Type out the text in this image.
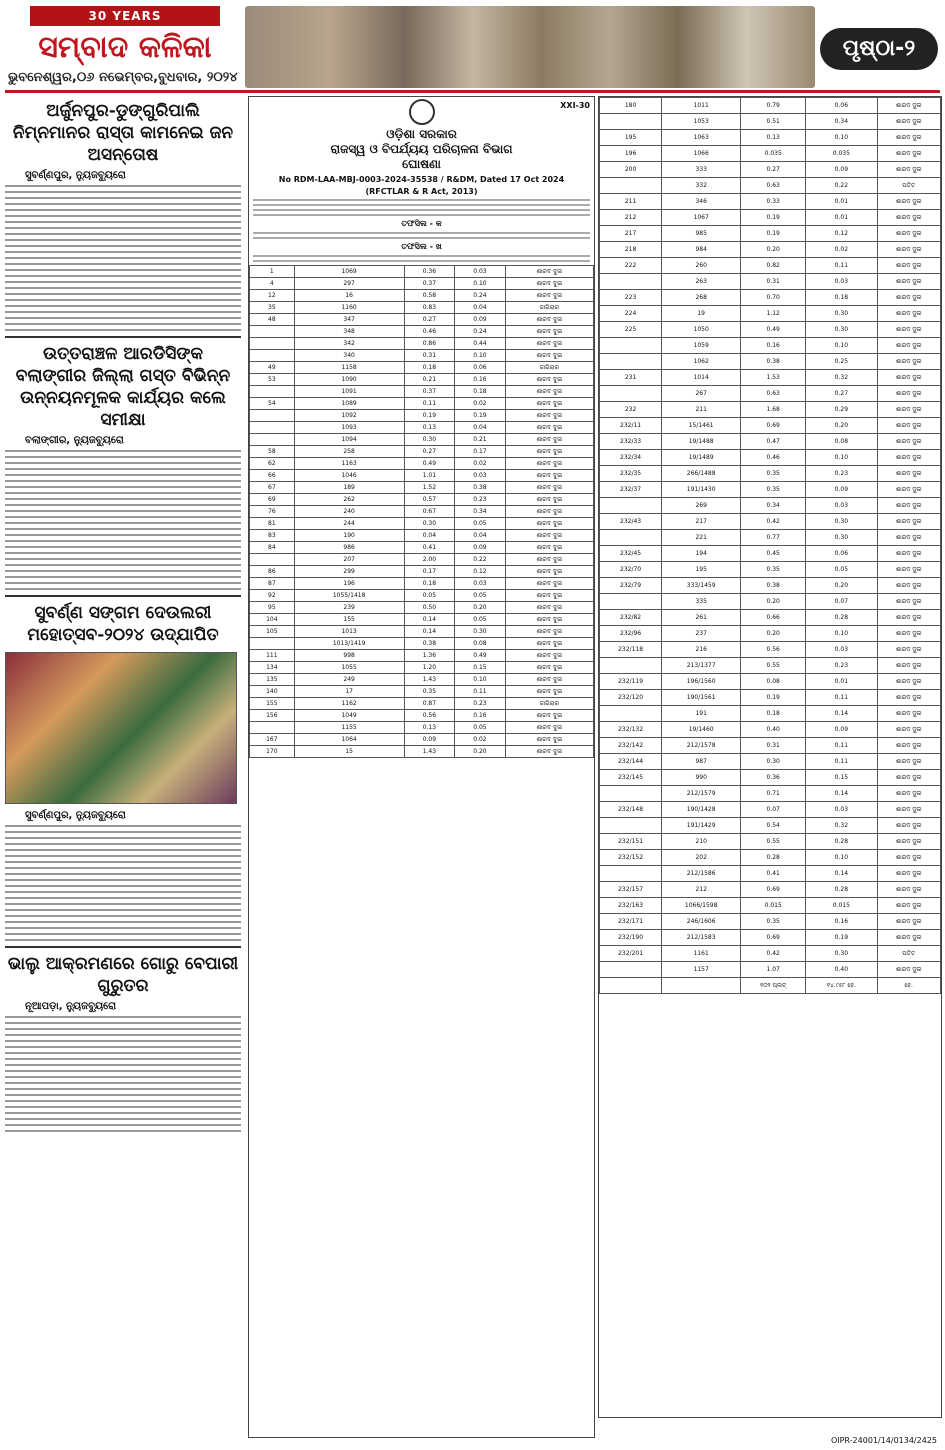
30 YEARS
ସମ୍ବାଦ କଳିକା
ଭୁବନେଶ୍ୱର,୦୬ ନଭେମ୍ବର,ବୁଧବାର, ୨୦୨୪
ପୃଷ୍ଠା-୨
ଅର୍ଜୁନପୁର-ଡୁଙ୍ଗୁରିପାଲି ନିମ୍ନମାନର ରାସ୍ତା କାମନେଇ ଜନ ଅସନ୍ତୋଷ
ସୁବର୍ଣ୍ଣପୁର, ନ୍ୟୁଜବ୍ୟୁରୋ
ଉତ୍ତରାଞ୍ଚଳ ଆରଡିସିଙ୍କ ବଲାଙ୍ଗୀର ଜିଲ୍ଲା ଗସ୍ତ ବିଭିନ୍ନ ଉନ୍ନୟନମୂଳକ କାର୍ଯ୍ୟର କଲେ ସମୀକ୍ଷା
ବଲାଙ୍ଗୀର, ନ୍ୟୁଜବ୍ୟୁରୋ
ସୁବର୍ଣ୍ଣ ସଙ୍ଗମ ଦେଉଲରୀ ମହୋତ୍ସବ-୨୦୨୪ ଉଦ୍ଯାପିତ
ସୁବର୍ଣ୍ଣପୁର, ନ୍ୟୁଜବ୍ୟୁରୋ
ଭାଲୁ ଆକ୍ରମଣରେ ଗୋରୁ ବେପାରୀ ଗୁରୁତର
ନୂଆପଡ଼ା, ନ୍ୟୁଜବ୍ୟୁରୋ
XXI-30
ଓଡ଼ିଶା ସରକାର
ରାଜସ୍ୱ ଓ ବିପର୍ଯ୍ୟୟ ପରିଚାଳନା ବିଭାଗ
ଘୋଷଣା
No RDM-LAA-MBJ-0003-2024-35538 / R&DM, Dated 17 Oct 2024
(RFCTLAR & R Act, 2013)
ତଫସିଲ - କ
ତଫସିଲ - ଖ
1	1069	0.36	0.03	ଶାରଦ ଦୁଇ
4	297	0.37	0.10	ଶାରଦ ଦୁଇ
12	16	0.58	0.24	ଶାରଦ ଦୁଇ
35	1160	0.83	0.04	ଜାଗିରାର
48	347	0.27	0.09	ଶାରଦ ଦୁଇ
	348	0.46	0.24	ଶାରଦ ଦୁଇ
	342	0.86	0.44	ଶାରଦ ଦୁଇ
	340	0.31	0.10	ଶାରଦ ଦୁଇ
49	1158	0.18	0.06	ଜାଗିରାର
53	1090	0.21	0.16	ଶାରଦ ଦୁଇ
	1091	0.37	0.18	ଶାରଦ ଦୁଇ
54	1089	0.11	0.02	ଶାରଦ ଦୁଇ
	1092	0.19	0.19	ଶାରଦ ଦୁଇ
	1093	0.13	0.04	ଶାରଦ ଦୁଇ
	1094	0.30	0.21	ଶାରଦ ଦୁଇ
58	258	0.27	0.17	ଶାରଦ ଦୁଇ
62	1163	0.49	0.02	ଶାରଦ ଦୁଇ
66	1046	1.01	0.03	ଶାରଦ ଦୁଇ
67	189	1.52	0.38	ଶାରଦ ଦୁଇ
69	262	0.57	0.23	ଶାରଦ ଦୁଇ
76	240	0.67	0.34	ଶାରଦ ଦୁଇ
81	244	0.30	0.05	ଶାରଦ ଦୁଇ
83	190	0.04	0.04	ଶାରଦ ଦୁଇ
84	986	0.41	0.09	ଶାରଦ ଦୁଇ
	207	2.00	0.22	ଶାରଦ ଦୁଇ
86	299	0.17	0.12	ଶାରଦ ଦୁଇ
87	196	0.18	0.03	ଶାରଦ ଦୁଇ
92	1055/1418	0.05	0.05	ଶାରଦ ଦୁଇ
95	239	0.50	0.20	ଶାରଦ ଦୁଇ
104	155	0.14	0.05	ଶାରଦ ଦୁଇ
105	1013	0.14	0.30	ଶାରଦ ଦୁଇ
	1013/1419	0.38	0.08	ଶାରଦ ଦୁଇ
111	998	1.36	0.49	ଶାରଦ ଦୁଇ
134	1055	1.20	0.15	ଶାରଦ ଦୁଇ
135	249	1.43	0.10	ଶାରଦ ଦୁଇ
140	17	0.35	0.11	ଶାରଦ ଦୁଇ
155	1162	0.87	0.23	ଜାଗିରାର
156	1049	0.56	0.16	ଶାରଦ ଦୁଇ
	1155	0.13	0.05	ଶାରଦ ଦୁଇ
167	1064	0.09	0.02	ଶାରଦ ଦୁଇ
170	15	1.43	0.20	ଶାରଦ ଦୁଇ
180	1011	0.79	0.06	ଶାରଦ ଦୁଇ
	1053	0.51	0.34	ଶାରଦ ଦୁଇ
195	1063	0.13	0.10	ଶାରଦ ଦୁଇ
196	1066	0.035	0.035	ଶାରଦ ଦୁଇ
200	333	0.27	0.09	ଶାରଦ ଦୁଇ
	332	0.63	0.22	ପତିତ
211	346	0.33	0.01	ଶାରଦ ଦୁଇ
212	1067	0.19	0.01	ଶାରଦ ଦୁଇ
217	985	0.19	0.12	ଶାରଦ ଦୁଇ
218	984	0.20	0.02	ଶାରଦ ଦୁଇ
222	260	0.82	0.11	ଶାରଦ ଦୁଇ
	263	0.31	0.03	ଶାରଦ ଦୁଇ
223	268	0.70	0.18	ଶାରଦ ଦୁଇ
224	19	1.12	0.30	ଶାରଦ ଦୁଇ
225	1050	0.49	0.30	ଶାରଦ ଦୁଇ
	1059	0.16	0.10	ଶାରଦ ଦୁଇ
	1062	0.38	0.25	ଶାରଦ ଦୁଇ
231	1014	1.53	0.32	ଶାରଦ ଦୁଇ
	267	0.63	0.27	ଶାରଦ ଦୁଇ
232	211	1.68	0.29	ଶାରଦ ଦୁଇ
232/11	15/1461	0.69	0.20	ଶାରଦ ଦୁଇ
232/33	19/1488	0.47	0.08	ଶାରଦ ଦୁଇ
232/34	19/1489	0.46	0.10	ଶାରଦ ଦୁଇ
232/35	266/1488	0.35	0.23	ଶାରଦ ଦୁଇ
232/37	191/1430	0.35	0.09	ଶାରଦ ଦୁଇ
	269	0.34	0.03	ଶାରଦ ଦୁଇ
232/43	217	0.42	0.30	ଶାରଦ ଦୁଇ
	221	0.77	0.30	ଶାରଦ ଦୁଇ
232/45	194	0.45	0.06	ଶାରଦ ଦୁଇ
232/70	195	0.35	0.05	ଶାରଦ ଦୁଇ
232/79	333/1459	0.38	0.20	ଶାରଦ ଦୁଇ
	335	0.20	0.07	ଶାରଦ ଦୁଇ
232/82	261	0.66	0.28	ଶାରଦ ଦୁଇ
232/96	237	0.20	0.10	ଶାରଦ ଦୁଇ
232/118	216	0.56	0.03	ଶାରଦ ଦୁଇ
	213/1377	0.55	0.23	ଶାରଦ ଦୁଇ
232/119	196/1560	0.08	0.01	ଶାରଦ ଦୁଇ
232/120	190/1561	0.19	0.11	ଶାରଦ ଦୁଇ
	191	0.18	0.14	ଶାରଦ ଦୁଇ
232/132	19/1460	0.40	0.09	ଶାରଦ ଦୁଇ
232/142	212/1578	0.31	0.11	ଶାରଦ ଦୁଇ
232/144	987	0.30	0.11	ଶାରଦ ଦୁଇ
232/145	990	0.36	0.15	ଶାରଦ ଦୁଇ
	212/1579	0.71	0.14	ଶାରଦ ଦୁଇ
232/148	190/1428	0.07	0.03	ଶାରଦ ଦୁଇ
	191/1429	0.54	0.32	ଶାରଦ ଦୁଇ
232/151	210	0.55	0.28	ଶାରଦ ଦୁଇ
232/152	202	0.28	0.10	ଶାରଦ ଦୁଇ
	212/1586	0.41	0.14	ଶାରଦ ଦୁଇ
232/157	212	0.69	0.28	ଶାରଦ ଦୁଇ
232/163	1066/1598	0.015	0.015	ଶାରଦ ଦୁଇ
232/171	246/1606	0.35	0.16	ଶାରଦ ଦୁଇ
232/190	212/1583	0.69	0.19	ଶାରଦ ଦୁଇ
232/201	1161	0.42	0.30	ପତିତ
	1157	1.07	0.40	ଶାରଦ ଦୁଇ
		୧୦୨ ପ୍ଲଟ୍	୧୪.୯୫୮ ହେ.	ହେ.
OIPR-24001/14/0134/2425
